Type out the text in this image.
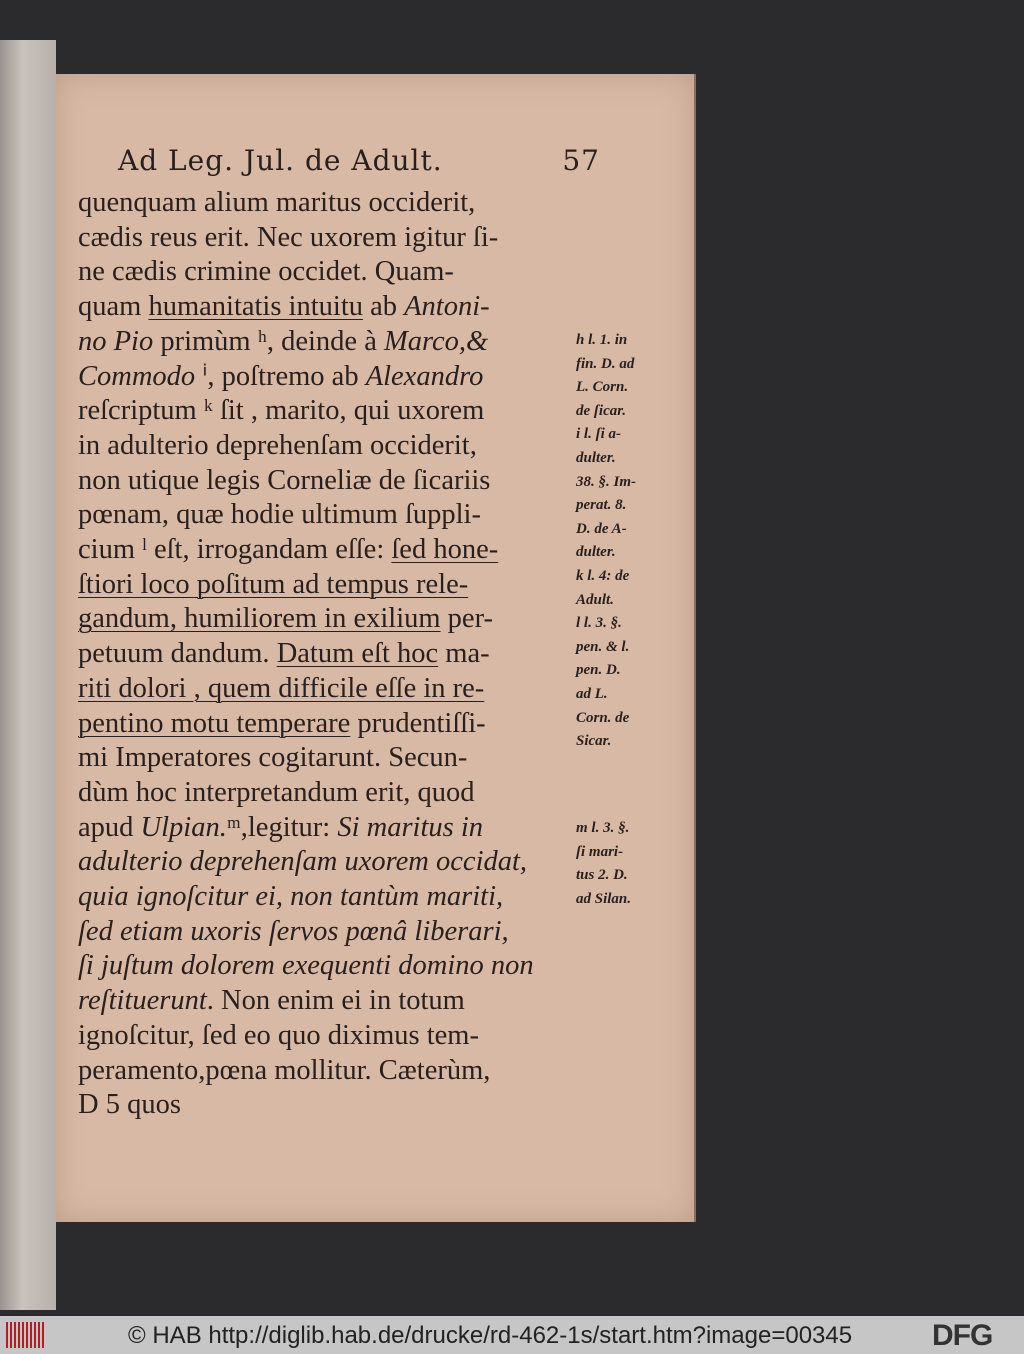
Ad Leg. Jul. de Adult.	57
quenquam alium maritus occiderit,
cædis reus erit. Nec uxorem igitur ſi-
ne cædis crimine occidet. Quam-
quam humanitatis intuitu ab Antoni-
no Pio primùm ʰ, deinde à Marco,&
Commodo ⁱ, poſtremo ab Alexandro
reſcriptum ᵏ ſit , marito, qui uxorem
in adulterio deprehenſam occiderit,
non utique legis Corneliæ de ſicariis
pœnam, quæ hodie ultimum ſuppli-
cium ˡ eſt, irrogandam eſſe: ſed hone-
ſtiori loco poſitum ad tempus rele-
gandum, humiliorem in exilium per-
petuum dandum. Datum eſt hoc ma-
riti dolori , quem difficile eſſe in re-
pentino motu temperare prudentiſſi-
mi Imperatores cogitarunt. Secun-
dùm hoc interpretandum erit, quod
apud Ulpian.ᵐ,legitur: Si maritus in
adulterio deprehenſam uxorem occidat,
quia ignoſcitur ei, non tantùm mariti,
ſed etiam uxoris ſervos pœnâ liberari,
ſi juſtum dolorem exequenti domino non
reſtituerunt. Non enim ei in totum
ignoſcitur, ſed eo quo diximus tem-
peramento,pœna mollitur. Cæterùm,
D 5 quos
h l. 1. in
fin. D. ad
L. Corn.
de ſicar.
i l. ſi a-
dulter.
38. §. Im-
perat. 8.
D. de A-
dulter.
k l. 4: de
Adult.
l l. 3. §.
pen. & l.
pen. D.
ad L.
Corn. de
Sicar.
m l. 3. §.
ſi mari-
tus 2. D.
ad Silan.
© HAB http://diglib.hab.de/drucke/rd-462-1s/start.htm?image=00345	DFG
